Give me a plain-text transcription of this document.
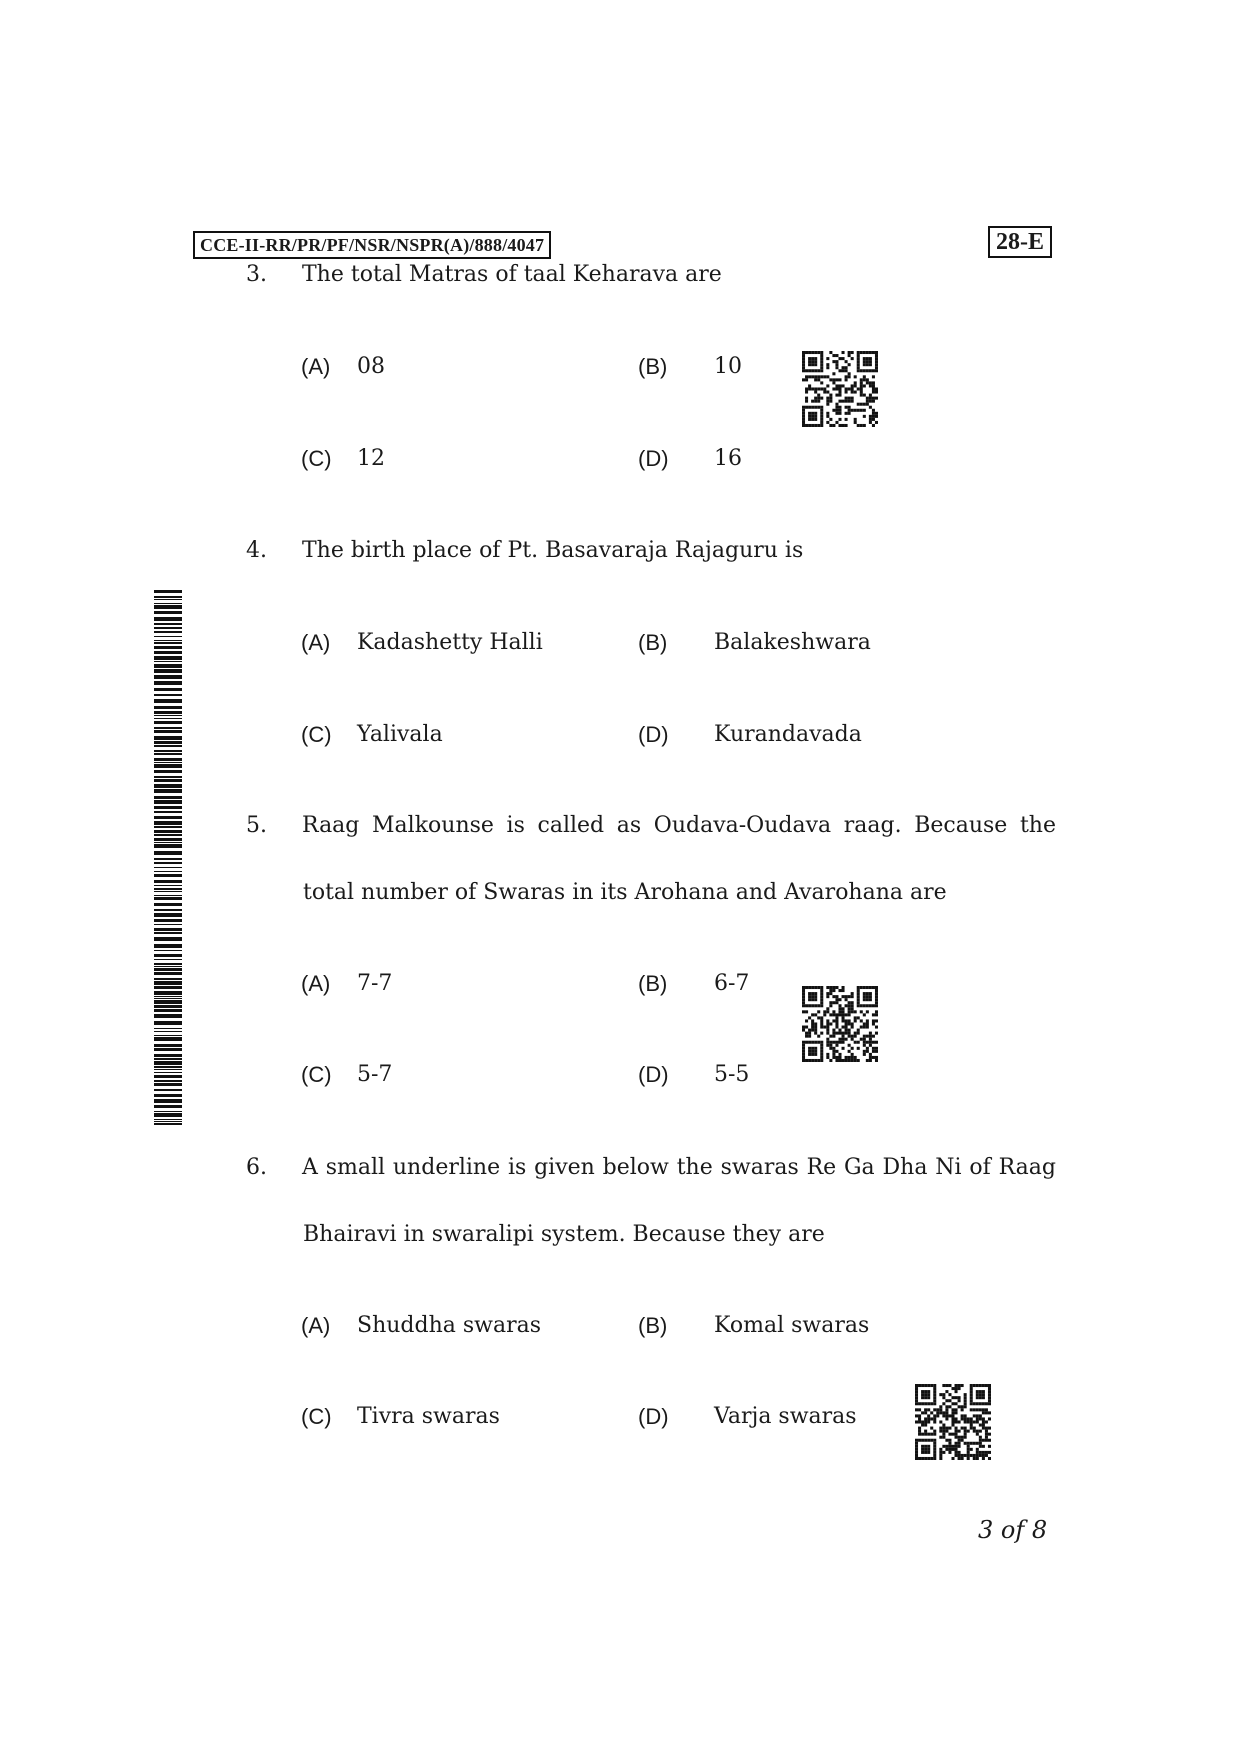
CCE-II-RR/PR/PF/NSR/NSPR(A)/888/4047	28-E
3. The total Matras of taal Keharava are
(A) 08	(B) 10
(C) 12	(D) 16
4. The birth place of Pt. Basavaraja Rajaguru is
(A) Kadashetty Halli	(B) Balakeshwara
(C) Yalivala	(D) Kurandavada
5. Raag Malkounse is called as Oudava-Oudava raag. Because the
total number of Swaras in its Arohana and Avarohana are
(A) 7-7	(B) 6-7
(C) 5-7	(D) 5-5
6. A small underline is given below the swaras Re Ga Dha Ni of Raag
Bhairavi in swaralipi system. Because they are
(A) Shuddha swaras	(B) Komal swaras
(C) Tivra swaras	(D) Varja swaras
3 of 8
